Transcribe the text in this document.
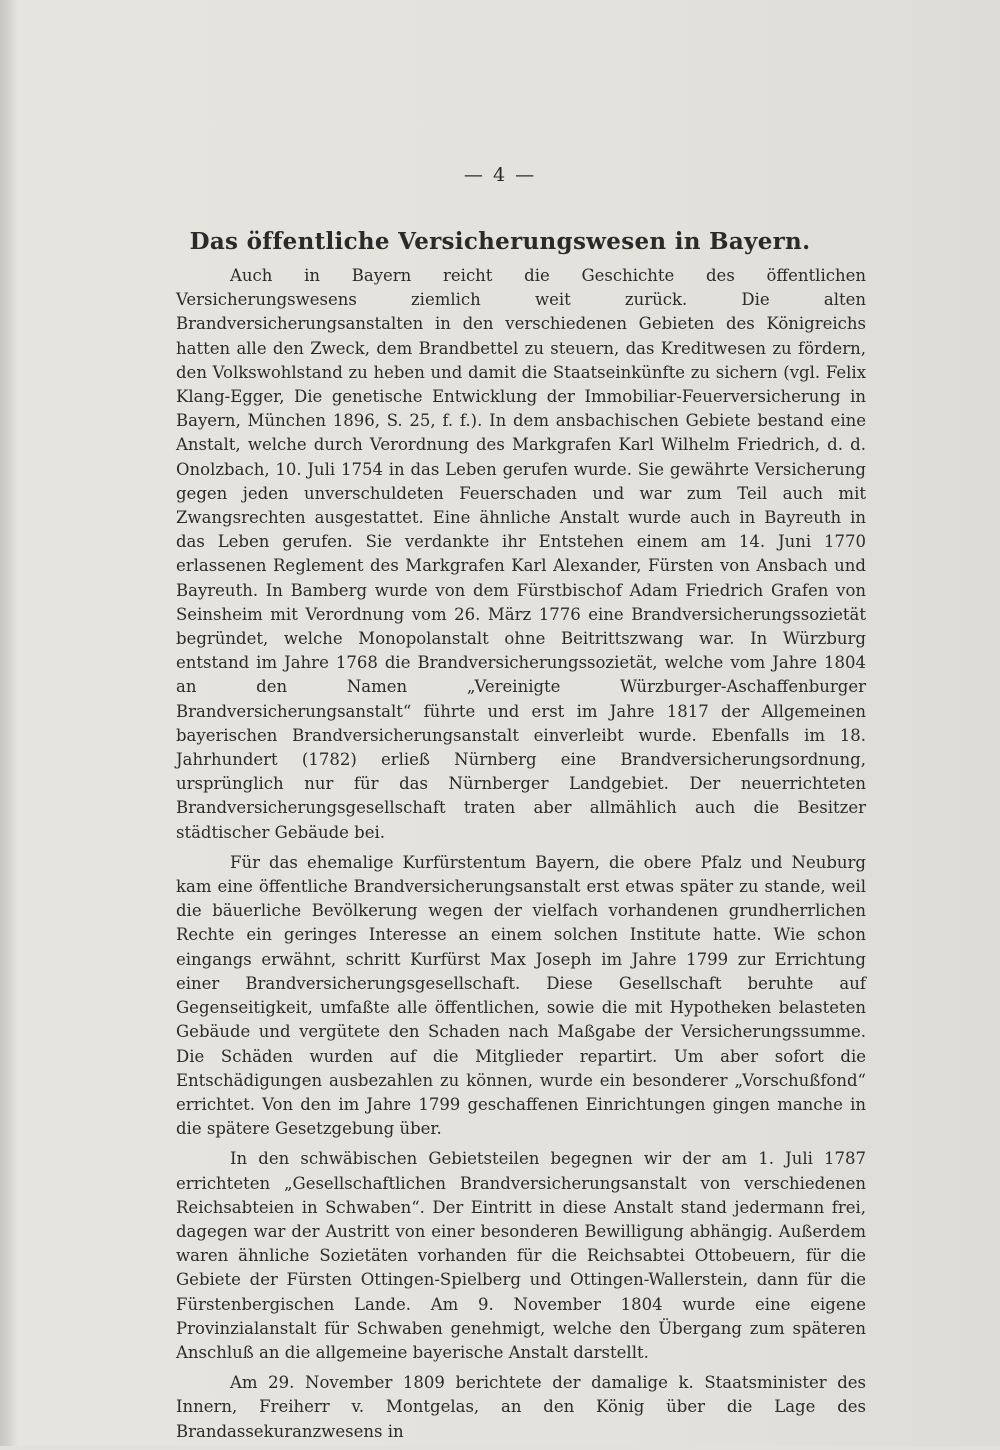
— 4 —
Das öffentliche Versicherungswesen in Bayern.

Auch in Bayern reicht die Geschichte des öffentlichen Versicherungswesens ziemlich weit zurück. Die alten Brandversicherungsanstalten in den verschiedenen Gebieten des Königreichs hatten alle den Zweck, dem Brandbettel zu steuern, das Kreditwesen zu fördern, den Volkswohlstand zu heben und damit die Staatseinkünfte zu sichern (vgl. Felix Klang-Egger, Die genetische Entwicklung der Immobiliar-Feuerversicherung in Bayern, München 1896, S. 25, f. f.). In dem ansbachischen Gebiete bestand eine Anstalt, welche durch Verordnung des Markgrafen Karl Wilhelm Friedrich, d. d. Onolzbach, 10. Juli 1754 in das Leben gerufen wurde. Sie gewährte Versicherung gegen jeden unverschuldeten Feuerschaden und war zum Teil auch mit Zwangsrechten ausgestattet. Eine ähnliche Anstalt wurde auch in Bayreuth in das Leben gerufen. Sie verdankte ihr Entstehen einem am 14. Juni 1770 erlassenen Reglement des Markgrafen Karl Alexander, Fürsten von Ansbach und Bayreuth. In Bamberg wurde von dem Fürstbischof Adam Friedrich Grafen von Seinsheim mit Verordnung vom 26. März 1776 eine Brandversicherungssozietät begründet, welche Monopolanstalt ohne Beitrittszwang war. In Würzburg entstand im Jahre 1768 die Brandversicherungssozietät, welche vom Jahre 1804 an den Namen „Vereinigte Würzburger-Aschaffenburger Brandversicherungsanstalt“ führte und erst im Jahre 1817 der Allgemeinen bayerischen Brandversicherungsanstalt einverleibt wurde. Ebenfalls im 18. Jahrhundert (1782) erließ Nürnberg eine Brandversicherungsordnung, ursprünglich nur für das Nürnberger Landgebiet. Der neuerrichteten Brandversicherungsgesellschaft traten aber allmählich auch die Besitzer städtischer Gebäude bei.

Für das ehemalige Kurfürstentum Bayern, die obere Pfalz und Neuburg kam eine öffentliche Brandversicherungsanstalt erst etwas später zu stande, weil die bäuerliche Bevölkerung wegen der vielfach vorhandenen grundherrlichen Rechte ein geringes Interesse an einem solchen Institute hatte. Wie schon eingangs erwähnt, schritt Kurfürst Max Joseph im Jahre 1799 zur Errichtung einer Brandversicherungsgesellschaft. Diese Gesellschaft beruhte auf Gegenseitigkeit, umfaßte alle öffentlichen, sowie die mit Hypotheken belasteten Gebäude und vergütete den Schaden nach Maßgabe der Versicherungssumme. Die Schäden wurden auf die Mitglieder repartirt. Um aber sofort die Entschädigungen ausbezahlen zu können, wurde ein besonderer „Vorschußfond“ errichtet. Von den im Jahre 1799 geschaffenen Einrichtungen gingen manche in die spätere Gesetzgebung über.

In den schwäbischen Gebietsteilen begegnen wir der am 1. Juli 1787 errichteten „Gesellschaftlichen Brandversicherungsanstalt von verschiedenen Reichsabteien in Schwaben“. Der Eintritt in diese Anstalt stand jedermann frei, dagegen war der Austritt von einer besonderen Bewilligung abhängig. Außerdem waren ähnliche Sozietäten vorhanden für die Reichsabtei Ottobeuern, für die Gebiete der Fürsten Ottingen-Spielberg und Ottingen-Wallerstein, dann für die Fürstenbergischen Lande. Am 9. November 1804 wurde eine eigene Provinzialanstalt für Schwaben genehmigt, welche den Übergang zum späteren Anschluß an die allgemeine bayerische Anstalt darstellt.

Am 29. November 1809 berichtete der damalige k. Staatsminister des Innern, Freiherr v. Montgelas, an den König über die Lage des Brandassekuranzwesens in
